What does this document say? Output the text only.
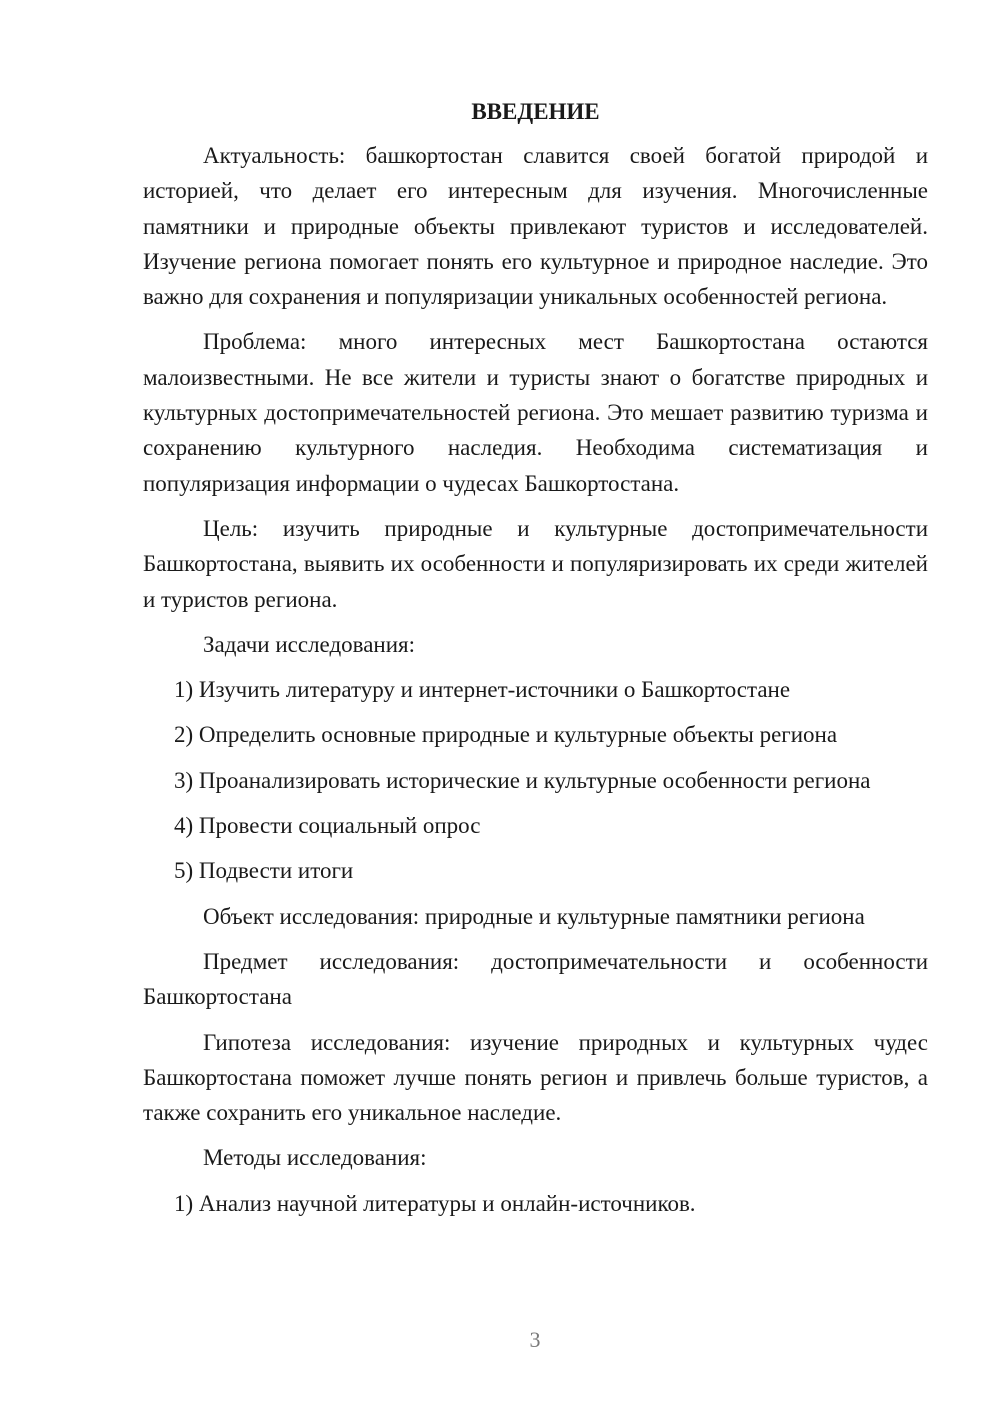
ВВЕДЕНИЕ
Актуальность: башкортостан славится своей богатой природой и историей, что делает его интересным для изучения. Многочисленные памятники и природные объекты привлекают туристов и исследователей. Изучение региона помогает понять его культурное и природное наследие. Это важно для сохранения и популяризации уникальных особенностей региона.
Проблема: много интересных мест Башкортостана остаются малоизвестными. Не все жители и туристы знают о богатстве природных и культурных достопримечательностей региона. Это мешает развитию туризма и сохранению культурного наследия. Необходима систематизация и популяризация информации о чудесах Башкортостана.
Цель: изучить природные и культурные достопримечательности Башкортостана, выявить их особенности и популяризировать их среди жителей и туристов региона.
Задачи исследования:
1) Изучить литературу и интернет-источники о Башкортостане
2) Определить основные природные и культурные объекты региона
3) Проанализировать исторические и культурные особенности региона
4) Провести социальный опрос
5) Подвести итоги
Объект исследования: природные и культурные памятники региона
Предмет исследования: достопримечательности и особенности Башкортостана
Гипотеза исследования: изучение природных и культурных чудес Башкортостана поможет лучше понять регион и привлечь больше туристов, а также сохранить его уникальное наследие.
Методы исследования:
1) Анализ научной литературы и онлайн-источников.
3
